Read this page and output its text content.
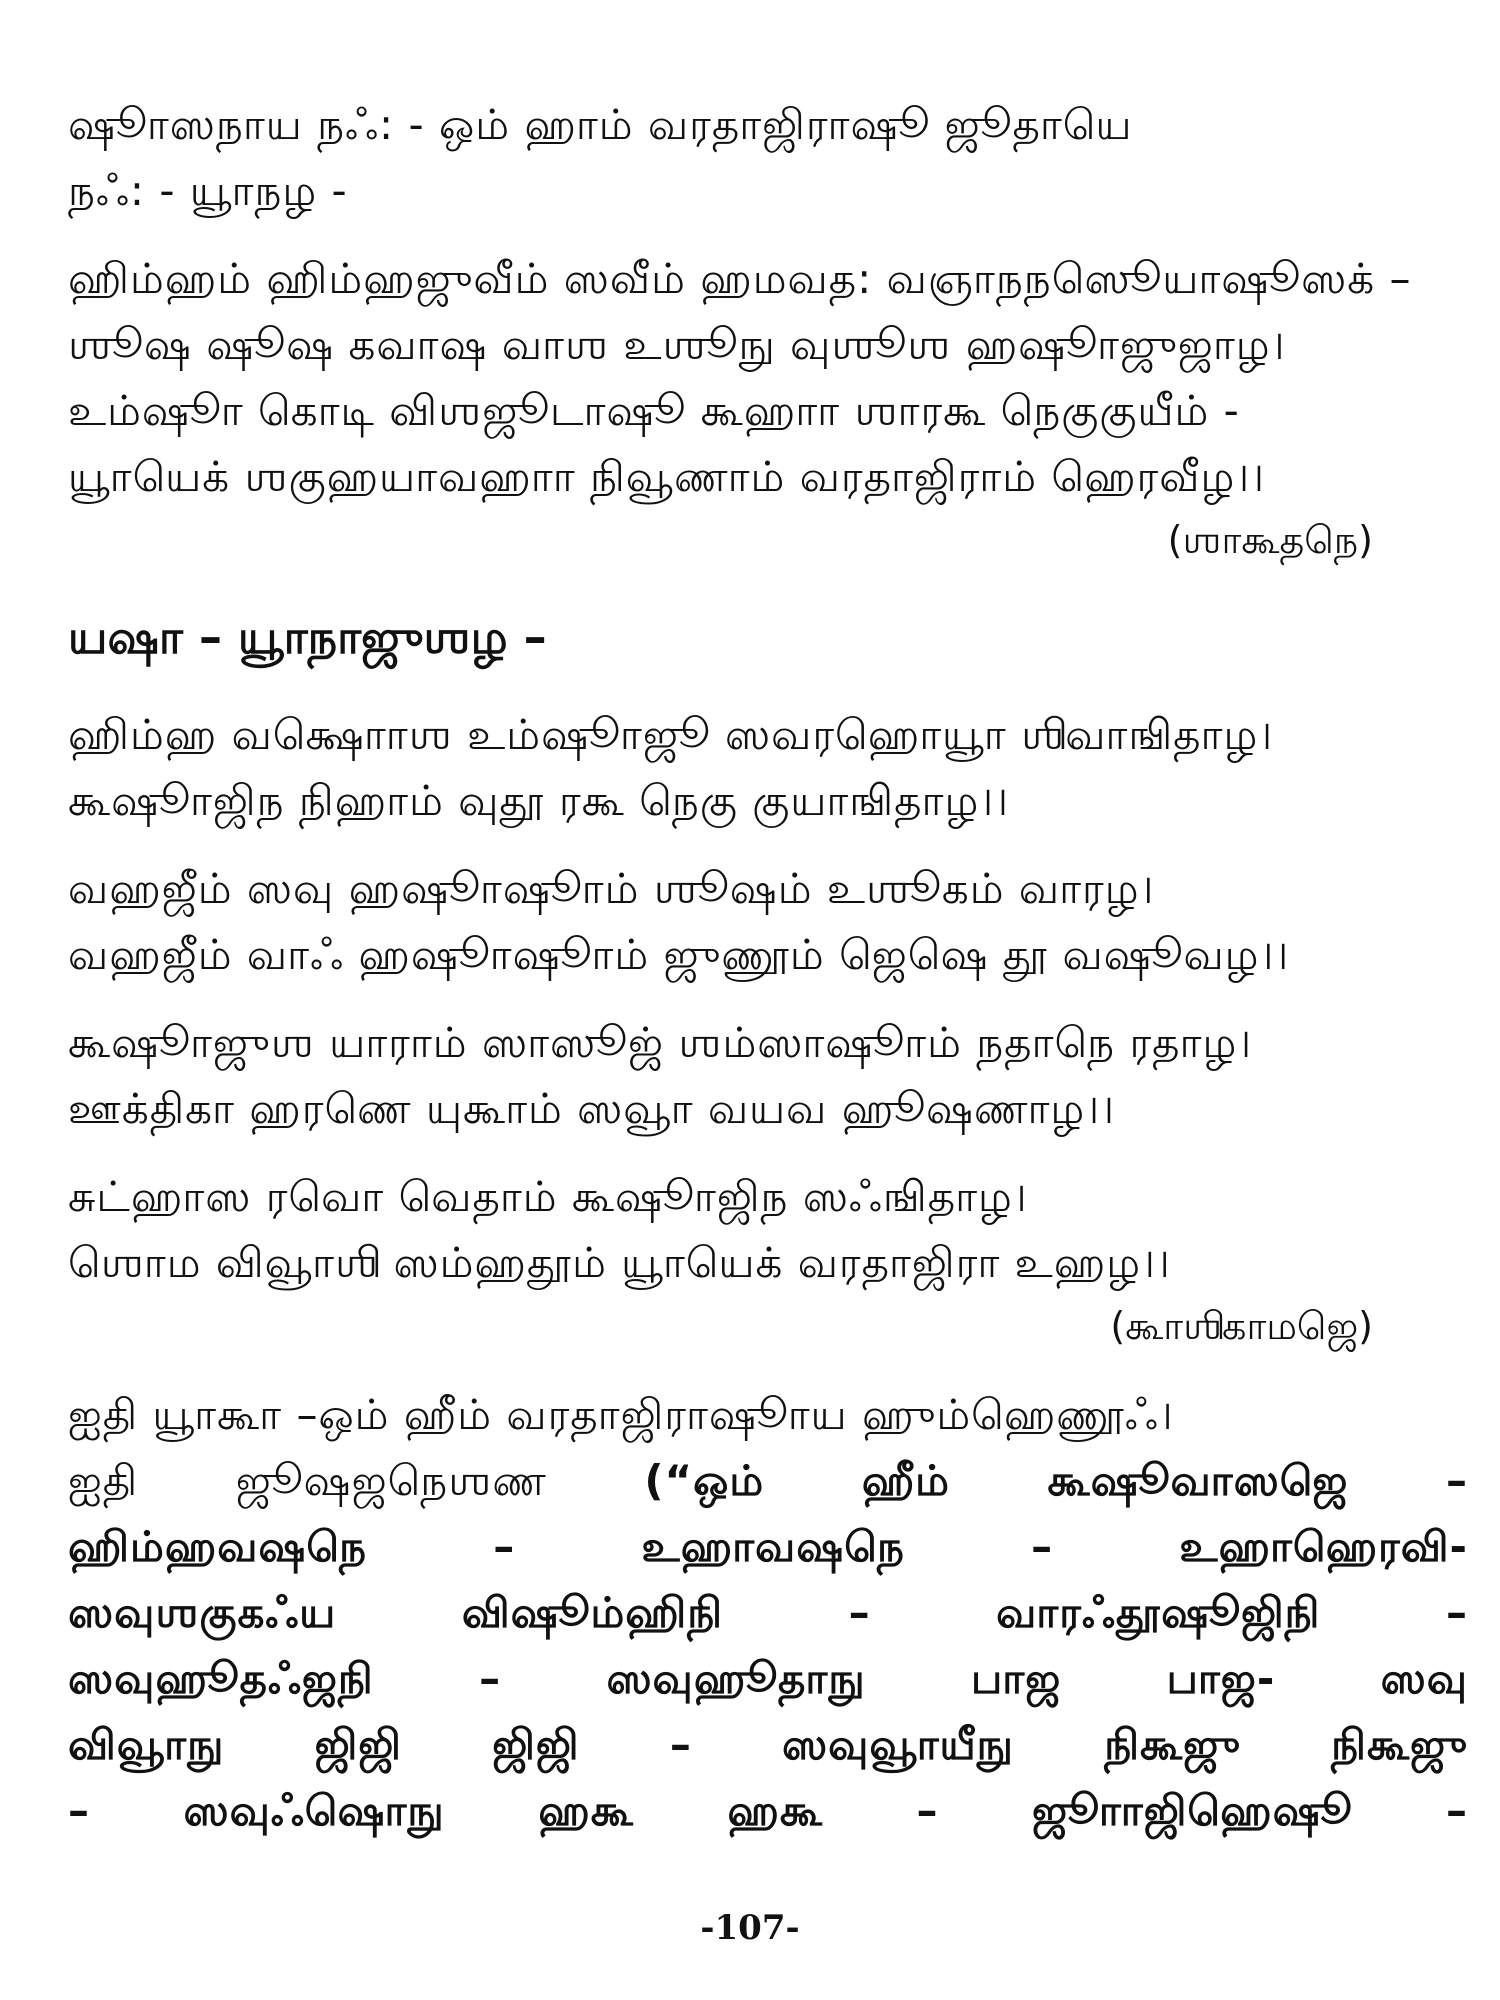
ஷூாஸநாய நஃ: - ஒம் ஹாம் வரதாஜிராஷூ ஜூதாயெ
நஃ: - யூாநழ -
ஹிம்ஹம் ஹிம்ஹஜுவீம் ஸவீம் ஹமவத: வஞாநநஸெூயாஷூஸக் –
ஶூஷ ஷூஷ கவாஷ வாஶ உஶூநு வுஶூஶ ஹஷூாஜுஜாழ।
உம்ஷூா கொடி விஶஜூடாஷூ கூஹாா ஶாரகூ நெகுகுயீம் -
யூாயெக் ஶகுஹயாவஹாா நிவூணாம் வரதாஜிராம் ஹெரவீழ।।
(ஶாகூதநெ)
யஷா – யூாநாஜுஶழ –
ஹிம்ஹ வக்ஷொாஶ உம்ஷூாஜூ ஸவரஹொயூா ஶிவாஙிதாழ।
கூஷூாஜிந நிஹாம் வுதூ ரகூ நெகு குயாஙிதாழ।।
வஹஜீம் ஸவு ஹஷூாஷூாம் ஶூஷம் உஶூகம் வாரழ।
வஹஜீம் வாஃ ஹஷூாஷூாம் ஜுணூம் ஜெஷெ தூ வஷூவழ।।
கூஷூாஜுஶ யாராம் ஸாஸூஜ் ஶம்ஸாஷூாம் நதாநெ ரதாழ।
ஊக்திகா ஹரணெ யுகூாம் ஸவூா வயவ ஹூஷணாழ।।
சுட்ஹாஸ ரவொ வெதாம் கூஷூாஜிந ஸஃஙிதாழ।
ஶொம விவூாஶி ஸம்ஹதூம் யூாயெக் வரதாஜிரா உஹழ।।
(கூாஶிகாமஜெ)
ஐதி யூாகூா –ஒம் ஹீம் வரதாஜிராஷூாய ஹும்ஹெணூஃ।
ஐதி ஜூஷஜநெஶண (“ஒம் ஹீம் கூஷூவாஸஜெ –
ஹிம்ஹவஷநெ	–	உஹாவஷநெ	–	உஹாஹெரவி-
ஸவுஶகுகஃய	விஷூம்ஹிநி	–	வாரஃதூஷூஜிநி	–
ஸவுஹூதஃஜநி	–	ஸவுஹூதாநு	பாஜ	பாஜ-	ஸவு
விவூாநு ஜிஜி ஜிஜி – ஸவுவூாயீநு நிகூஜு நிகூஜு
– ஸவுஃஷொநு ஹகூ ஹகூ – ஜூாாஜிஹெஷூ –
-107-
